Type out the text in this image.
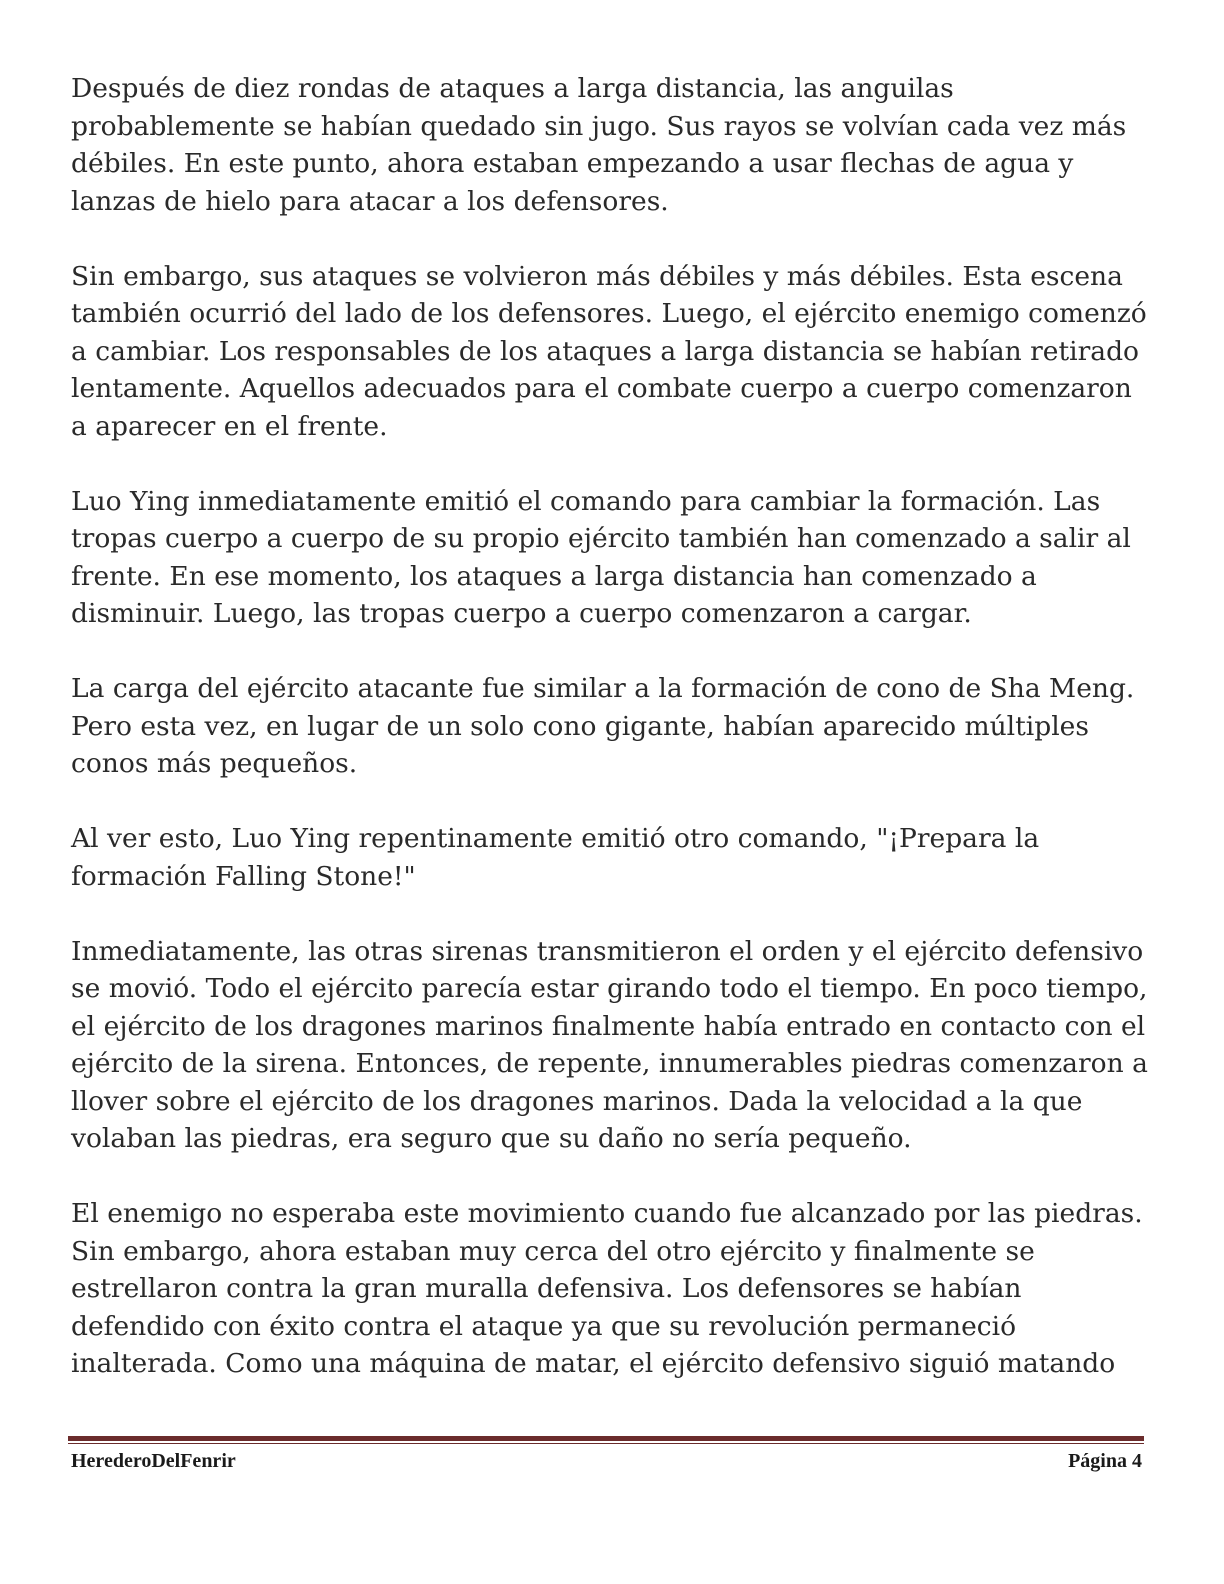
Después de diez rondas de ataques a larga distancia, las anguilas probablemente se habían quedado sin jugo. Sus rayos se volvían cada vez más débiles. En este punto, ahora estaban empezando a usar flechas de agua y lanzas de hielo para atacar a los defensores.

Sin embargo, sus ataques se volvieron más débiles y más débiles. Esta escena también ocurrió del lado de los defensores. Luego, el ejército enemigo comenzó a cambiar. Los responsables de los ataques a larga distancia se habían retirado lentamente. Aquellos adecuados para el combate cuerpo a cuerpo comenzaron a aparecer en el frente.

Luo Ying inmediatamente emitió el comando para cambiar la formación. Las tropas cuerpo a cuerpo de su propio ejército también han comenzado a salir al frente. En ese momento, los ataques a larga distancia han comenzado a disminuir. Luego, las tropas cuerpo a cuerpo comenzaron a cargar.

La carga del ejército atacante fue similar a la formación de cono de Sha Meng. Pero esta vez, en lugar de un solo cono gigante, habían aparecido múltiples conos más pequeños.

Al ver esto, Luo Ying repentinamente emitió otro comando, "¡Prepara la formación Falling Stone!"

Inmediatamente, las otras sirenas transmitieron el orden y el ejército defensivo se movió. Todo el ejército parecía estar girando todo el tiempo. En poco tiempo, el ejército de los dragones marinos finalmente había entrado en contacto con el ejército de la sirena. Entonces, de repente, innumerables piedras comenzaron a llover sobre el ejército de los dragones marinos. Dada la velocidad a la que volaban las piedras, era seguro que su daño no sería pequeño.

El enemigo no esperaba este movimiento cuando fue alcanzado por las piedras. Sin embargo, ahora estaban muy cerca del otro ejército y finalmente se estrellaron contra la gran muralla defensiva. Los defensores se habían defendido con éxito contra el ataque ya que su revolución permaneció inalterada. Como una máquina de matar, el ejército defensivo siguió matando

HerederoDelFenrir	Página 4
